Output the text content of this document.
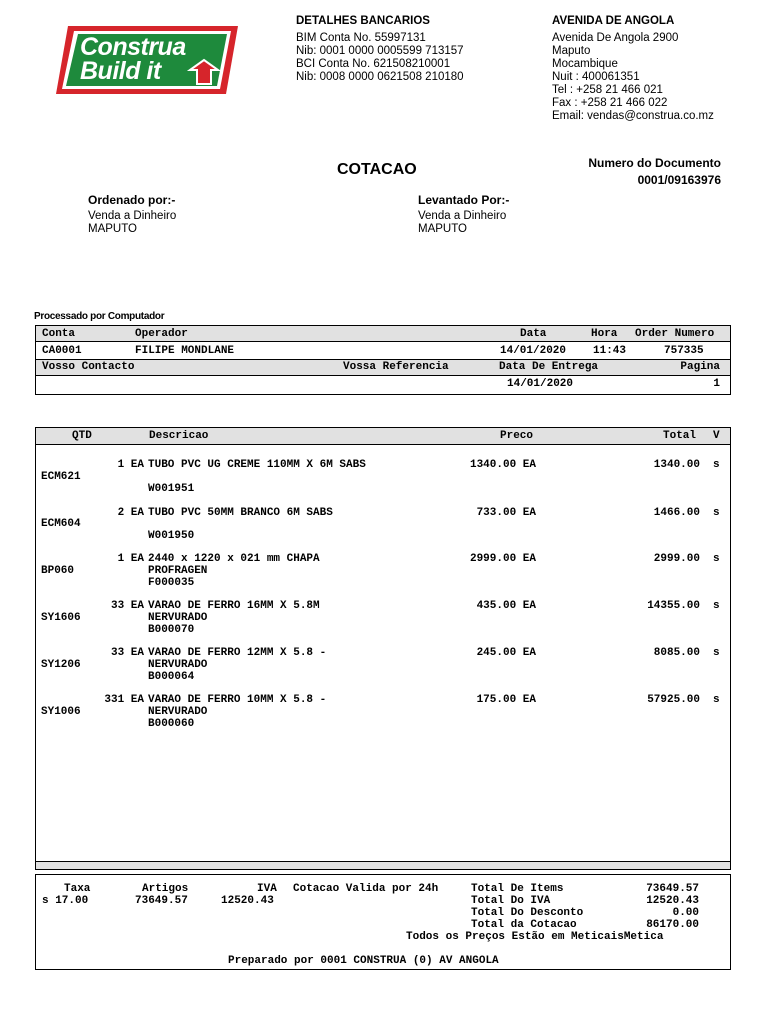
Construa
Build it
DETALHES BANCARIOS
BIM Conta No. 55997131
Nib: 0001 0000 0005599 713157
BCI Conta No. 621508210001
Nib: 0008 0000 0621508 210180
AVENIDA DE ANGOLA
Avenida De Angola 2900
Maputo
Mocambique
Nuit : 400061351
Tel : +258 21 466 021
Fax : +258 21 466 022
Email: vendas@construa.co.mz
COTACAO	Numero do Documento
0001/09163976
Ordenado por:-
Venda a Dinheiro
MAPUTO
Levantado Por:-
Venda a Dinheiro
MAPUTO
Processado por Computador
Conta	Operador	Data	Hora Order Numero
CA0001	FILIPE MONDLANE	14/01/2020 11:43	757335
Vosso Contacto	Vossa Referencia	Data De Entrega	Pagina
14/01/2020	1
QTD	Descricao	Preco	Total V
1 EA TUBO PVC UG CREME 110MM X 6M SABS	1340.00 EA	1340.00 s
ECM621
W001951
2 EA TUBO PVC 50MM BRANCO 6M SABS	733.00 EA	1466.00 s
ECM604
W001950
1 EA 2440 x 1220 x 021 mm CHAPA	2999.00 EA	2999.00 s
PROFRAGEN
BP060
F000035
33 EA VARAO DE FERRO 16MM X 5.8M	435.00 EA	14355.00 s
NERVURADO
SY1606
B000070
33 EA VARAO DE FERRO 12MM X 5.8 -	245.00 EA	8085.00 s
NERVURADO
SY1206
B000064
331 EA VARAO DE FERRO 10MM X 5.8 -	175.00 EA	57925.00 s
NERVURADO
SY1006
B000060
Taxa	Artigos	IVA Cotacao Valida por 24h
s 17.00	73649.57	12520.43
Total De Items	73649.57
Total Do IVA	12520.43
Total Do Desconto	0.00
Total da Cotacao	86170.00
Todos os Preços Estão em MeticaisMetica
Preparado por 0001 CONSTRUA (0) AV ANGOLA
